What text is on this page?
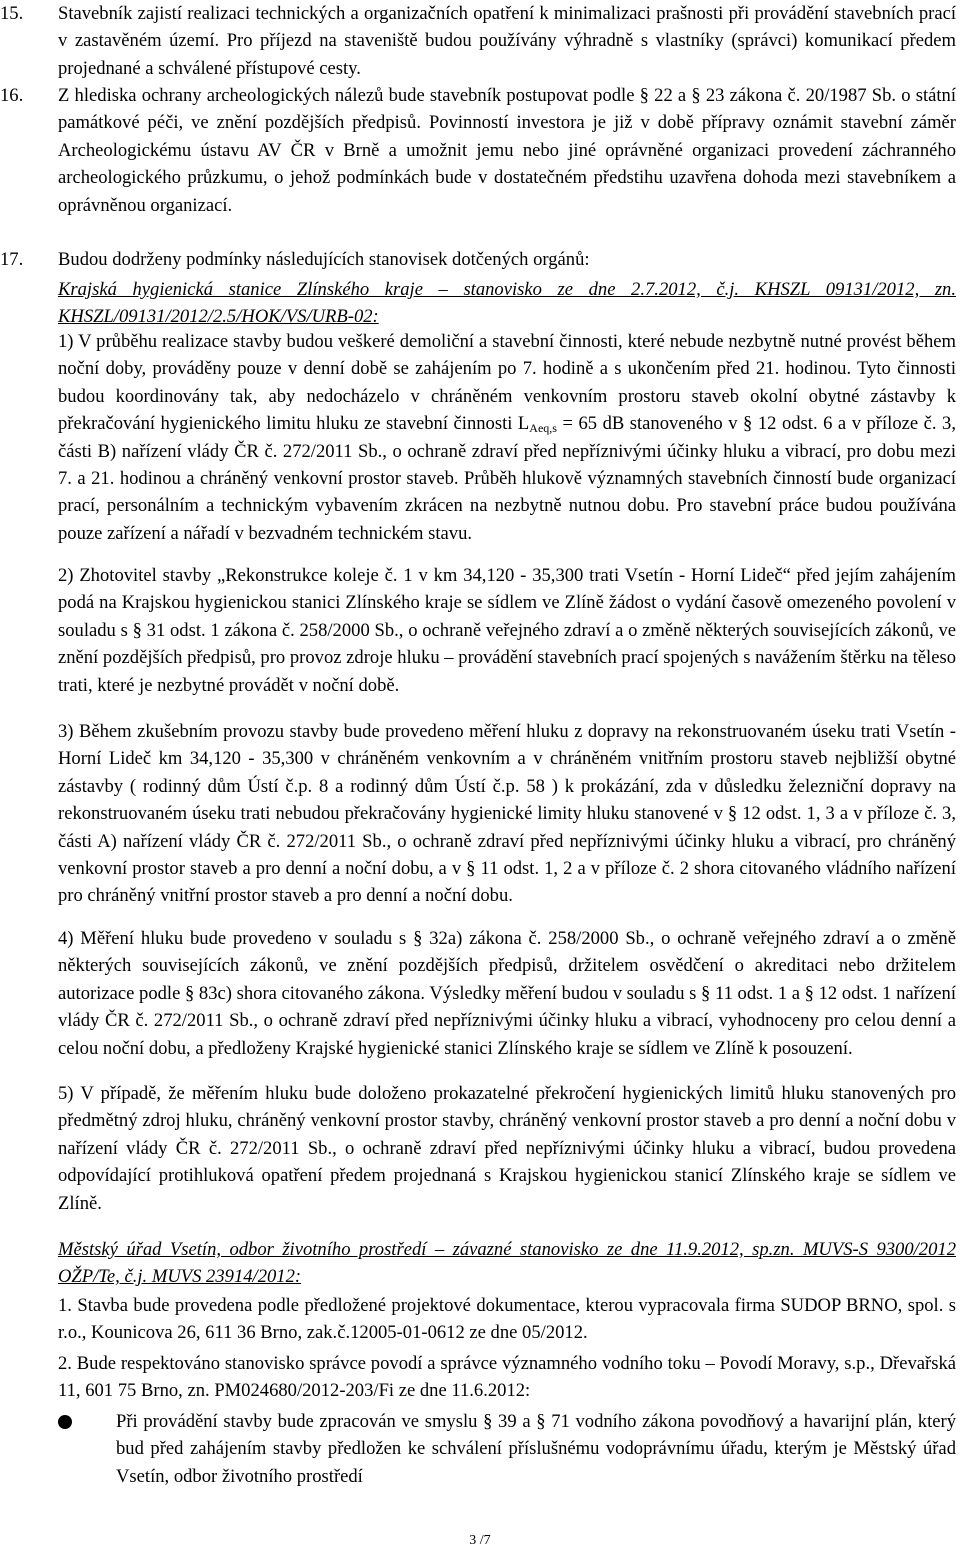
15.	Stavebník zajistí realizaci technických a organizačních opatření k minimalizaci prašnosti při provádění stavebních prací v zastavěném území. Pro příjezd na staveniště budou používány výhradně s vlastníky (správci) komunikací předem projednané a schválené přístupové cesty.
16.	Z hlediska ochrany archeologických nálezů bude stavebník postupovat podle § 22 a § 23 zákona č. 20/1987 Sb. o státní památkové péči, ve znění pozdějších předpisů. Povinností investora je již v době přípravy oznámit stavební záměr Archeologickému ústavu AV ČR v Brně a umožnit jemu nebo jiné oprávněné organizaci provedení záchranného archeologického průzkumu, o jehož podmínkách bude v dostatečném předstihu uzavřena dohoda mezi stavebníkem a oprávněnou organizací.
17.	Budou dodrženy podmínky následujících stanovisek dotčených orgánů:
Krajská hygienická stanice Zlínského kraje – stanovisko ze dne 2.7.2012, č.j. KHSZL 09131/2012, zn. KHSZL/09131/2012/2.5/HOK/VS/URB-02:
1) V průběhu realizace stavby budou veškeré demoliční a stavební činnosti, které nebude nezbytně nutné provést během noční doby, prováděny pouze v denní době se zahájením po 7. hodině a s ukončením před 21. hodinou. Tyto činnosti budou koordinovány tak, aby nedocházelo v chráněném venkovním prostoru staveb okolní obytné zástavby k překračování hygienického limitu hluku ze stavební činnosti $L_{Aeq,s} = 65$ dB stanoveného v § 12 odst. 6 a v příloze č. 3, části B) nařízení vlády ČR č. 272/2011 Sb., o ochraně zdraví před nepříznivými účinky hluku a vibrací, pro dobu mezi 7. a 21. hodinou a chráněný venkovní prostor staveb. Průběh hlukově významných stavebních činností bude organizací prací, personálním a technickým vybavením zkrácen na nezbytně nutnou dobu. Pro stavební práce budou používána pouze zařízení a nářadí v bezvadném technickém stavu.
2) Zhotovitel stavby „Rekonstrukce koleje č. 1 v km 34,120 - 35,300 trati Vsetín - Horní Lideč“ před jejím zahájením podá na Krajskou hygienickou stanici Zlínského kraje se sídlem ve Zlíně žádost o vydání časově omezeného povolení v souladu s § 31 odst. 1 zákona č. 258/2000 Sb., o ochraně veřejného zdraví a o změně některých souvisejících zákonů, ve znění pozdějších předpisů, pro provoz zdroje hluku – provádění stavebních prací spojených s navážením štěrku na těleso trati, které je nezbytné provádět v noční době.
3) Během zkušebním provozu stavby bude provedeno měření hluku z dopravy na rekonstruovaném úseku trati Vsetín - Horní Lideč km 34,120 - 35,300 v chráněném venkovním a v chráněném vnitřním prostoru staveb nejbližší obytné zástavby ( rodinný dům Ústí č.p. 8 a rodinný dům Ústí č.p. 58 ) k prokázání, zda v důsledku železniční dopravy na rekonstruovaném úseku trati nebudou překračovány hygienické limity hluku stanovené v § 12 odst. 1, 3 a v příloze č. 3, části A) nařízení vlády ČR č. 272/2011 Sb., o ochraně zdraví před nepříznivými účinky hluku a vibrací, pro chráněný venkovní prostor staveb a pro denní a noční dobu, a v § 11 odst. 1, 2 a v příloze č. 2 shora citovaného vládního nařízení pro chráněný vnitřní prostor staveb a pro denní a noční dobu.
4) Měření hluku bude provedeno v souladu s § 32a) zákona č. 258/2000 Sb., o ochraně veřejného zdraví a o změně některých souvisejících zákonů, ve znění pozdějších předpisů, držitelem osvědčení o akreditaci nebo držitelem autorizace podle § 83c) shora citovaného zákona. Výsledky měření budou v souladu s § 11 odst. 1 a § 12 odst. 1 nařízení vlády ČR č. 272/2011 Sb., o ochraně zdraví před nepříznivými účinky hluku a vibrací, vyhodnoceny pro celou denní a celou noční dobu, a předloženy Krajské hygienické stanici Zlínského kraje se sídlem ve Zlíně k posouzení.
5) V případě, že měřením hluku bude doloženo prokazatelné překročení hygienických limitů hluku stanovených pro předmětný zdroj hluku, chráněný venkovní prostor stavby, chráněný venkovní prostor staveb a pro denní a noční dobu v nařízení vlády ČR č. 272/2011 Sb., o ochraně zdraví před nepříznivými účinky hluku a vibrací, budou provedena odpovídající protihluková opatření předem projednaná s Krajskou hygienickou stanicí Zlínského kraje se sídlem ve Zlíně.
Městský úřad Vsetín, odbor životního prostředí – závazné stanovisko ze dne 11.9.2012, sp.zn. MUVS-S 9300/2012 OŽP/Te, č.j. MUVS 23914/2012:
1. Stavba bude provedena podle předložené projektové dokumentace, kterou vypracovala firma SUDOP BRNO, spol. s r.o., Kounicova 26, 611 36 Brno, zak.č.12005-01-0612 ze dne 05/2012.
2. Bude respektováno stanovisko správce povodí a správce významného vodního toku – Povodí Moravy, s.p., Dřevařská 11, 601 75 Brno, zn. PM024680/2012-203/Fi ze dne 11.6.2012:
Při provádění stavby bude zpracován ve smyslu § 39 a § 71 vodního zákona povodňový a havarijní plán, který bud před zahájením stavby předložen ke schválení příslušnému vodoprávnímu úřadu, kterým je Městský úřad Vsetín, odbor životního prostředí
3 /7
